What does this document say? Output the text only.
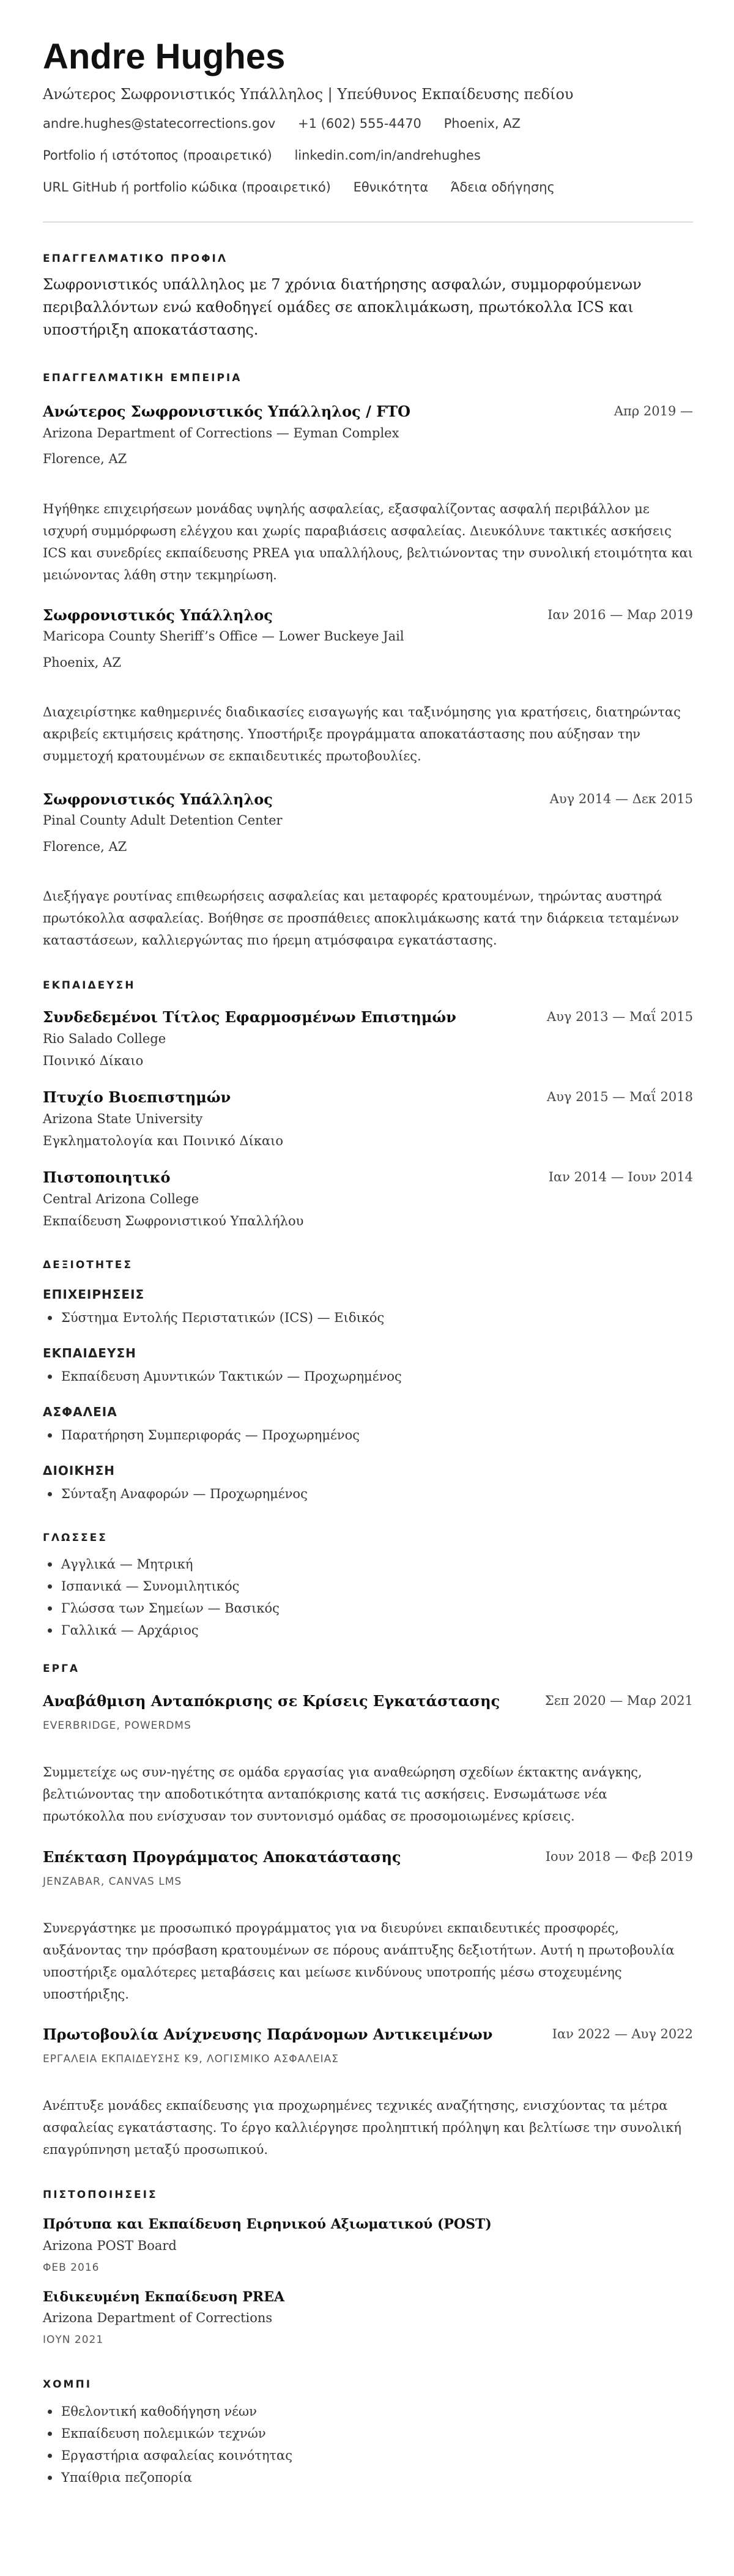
Andre Hughes
Ανώτερος Σωφρονιστικός Υπάλληλος | Υπεύθυνος Εκπαίδευσης πεδίου
andre.hughes@statecorrections.gov +1 (602) 555-4470 Phoenix, AZ
Portfolio ή ιστότοπος (προαιρετικό) linkedin.com/in/andrehughes
URL GitHub ή portfolio κώδικα (προαιρετικό) Εθνικότητα Άδεια οδήγησης
ΕΠΑΓΓΕΛΜΑΤΙΚΟ ΠΡΟΦΙΛ
Σωφρονιστικός υπάλληλος με 7 χρόνια διατήρησης ασφαλών, συμμορφούμενων περιβαλλόντων ενώ καθοδηγεί ομάδες σε αποκλιμάκωση, πρωτόκολλα ICS και υποστήριξη αποκατάστασης.
ΕΠΑΓΓΕΛΜΑΤΙΚΗ ΕΜΠΕΙΡΙΑ
Ανώτερος Σωφρονιστικός Υπάλληλος / FTO	Απρ 2019 —
Arizona Department of Corrections — Eyman Complex
Florence, AZ
Ηγήθηκε επιχειρήσεων μονάδας υψηλής ασφαλείας, εξασφαλίζοντας ασφαλή περιβάλλον με ισχυρή συμμόρφωση ελέγχου και χωρίς παραβιάσεις ασφαλείας. Διευκόλυνε τακτικές ασκήσεις ICS και συνεδρίες εκπαίδευσης PREA για υπαλλήλους, βελτιώνοντας την συνολική ετοιμότητα και μειώνοντας λάθη στην τεκμηρίωση.
Σωφρονιστικός Υπάλληλος	Ιαν 2016 — Μαρ 2019
Maricopa County Sheriff’s Office — Lower Buckeye Jail
Phoenix, AZ
Διαχειρίστηκε καθημερινές διαδικασίες εισαγωγής και ταξινόμησης για κρατήσεις, διατηρώντας ακριβείς εκτιμήσεις κράτησης. Υποστήριξε προγράμματα αποκατάστασης που αύξησαν την συμμετοχή κρατουμένων σε εκπαιδευτικές πρωτοβουλίες.
Σωφρονιστικός Υπάλληλος	Αυγ 2014 — Δεκ 2015
Pinal County Adult Detention Center
Florence, AZ
Διεξήγαγε ρουτίνας επιθεωρήσεις ασφαλείας και μεταφορές κρατουμένων, τηρώντας αυστηρά πρωτόκολλα ασφαλείας. Βοήθησε σε προσπάθειες αποκλιμάκωσης κατά την διάρκεια τεταμένων καταστάσεων, καλλιεργώντας πιο ήρεμη ατμόσφαιρα εγκατάστασης.
ΕΚΠΑΙΔΕΥΣΗ
Συνδεδεμένοι Τίτλος Εφαρμοσμένων Επιστημών	Αυγ 2013 — Μαΐ 2015
Rio Salado College
Ποινικό Δίκαιο
Πτυχίο Βιοεπιστημών	Αυγ 2015 — Μαΐ 2018
Arizona State University
Εγκληματολογία και Ποινικό Δίκαιο
Πιστοποιητικό	Ιαν 2014 — Ιουν 2014
Central Arizona College
Εκπαίδευση Σωφρονιστικού Υπαλλήλου
ΔΕΞΙΟΤΗΤΕΣ
ΕΠΙΧΕΙΡΗΣΕΙΣ
Σύστημα Εντολής Περιστατικών (ICS) — Ειδικός
ΕΚΠΑΙΔΕΥΣΗ
Εκπαίδευση Αμυντικών Τακτικών — Προχωρημένος
ΑΣΦΑΛΕΙΑ
Παρατήρηση Συμπεριφοράς — Προχωρημένος
ΔΙΟΙΚΗΣΗ
Σύνταξη Αναφορών — Προχωρημένος
ΓΛΩΣΣΕΣ
Αγγλικά — Μητρική
Ισπανικά — Συνομιλητικός
Γλώσσα των Σημείων — Βασικός
Γαλλικά — Αρχάριος
ΕΡΓΑ
Αναβάθμιση Ανταπόκρισης σε Κρίσεις Εγκατάστασης	Σεπ 2020 — Μαρ 2021
EVERBRIDGE, POWERDMS
Συμμετείχε ως συν-ηγέτης σε ομάδα εργασίας για αναθεώρηση σχεδίων έκτακτης ανάγκης, βελτιώνοντας την αποδοτικότητα ανταπόκρισης κατά τις ασκήσεις. Ενσωμάτωσε νέα πρωτόκολλα που ενίσχυσαν τον συντονισμό ομάδας σε προσομοιωμένες κρίσεις.
Επέκταση Προγράμματος Αποκατάστασης	Ιουν 2018 — Φεβ 2019
JENZABAR, CANVAS LMS
Συνεργάστηκε με προσωπικό προγράμματος για να διευρύνει εκπαιδευτικές προσφορές, αυξάνοντας την πρόσβαση κρατουμένων σε πόρους ανάπτυξης δεξιοτήτων. Αυτή η πρωτοβουλία υποστήριξε ομαλότερες μεταβάσεις και μείωσε κινδύνους υποτροπής μέσω στοχευμένης υποστήριξης.
Πρωτοβουλία Ανίχνευσης Παράνομων Αντικειμένων	Ιαν 2022 — Αυγ 2022
ΕΡΓΑΛΕΙΑ ΕΚΠΑΙΔΕΥΣΗΣ Κ9, ΛΟΓΙΣΜΙΚΟ ΑΣΦΑΛΕΙΑΣ
Ανέπτυξε μονάδες εκπαίδευσης για προχωρημένες τεχνικές αναζήτησης, ενισχύοντας τα μέτρα ασφαλείας εγκατάστασης. Το έργο καλλιέργησε προληπτική πρόληψη και βελτίωσε την συνολική επαγρύπνηση μεταξύ προσωπικού.
ΠΙΣΤΟΠΟΙΗΣΕΙΣ
Πρότυπα και Εκπαίδευση Ειρηνικού Αξιωματικού (POST)
Arizona POST Board
ΦΕΒ 2016
Ειδικευμένη Εκπαίδευση PREA
Arizona Department of Corrections
ΙΟΥΝ 2021
ΧΟΜΠΙ
Εθελοντική καθοδήγηση νέων
Εκπαίδευση πολεμικών τεχνών
Εργαστήρια ασφαλείας κοινότητας
Υπαίθρια πεζοπορία
